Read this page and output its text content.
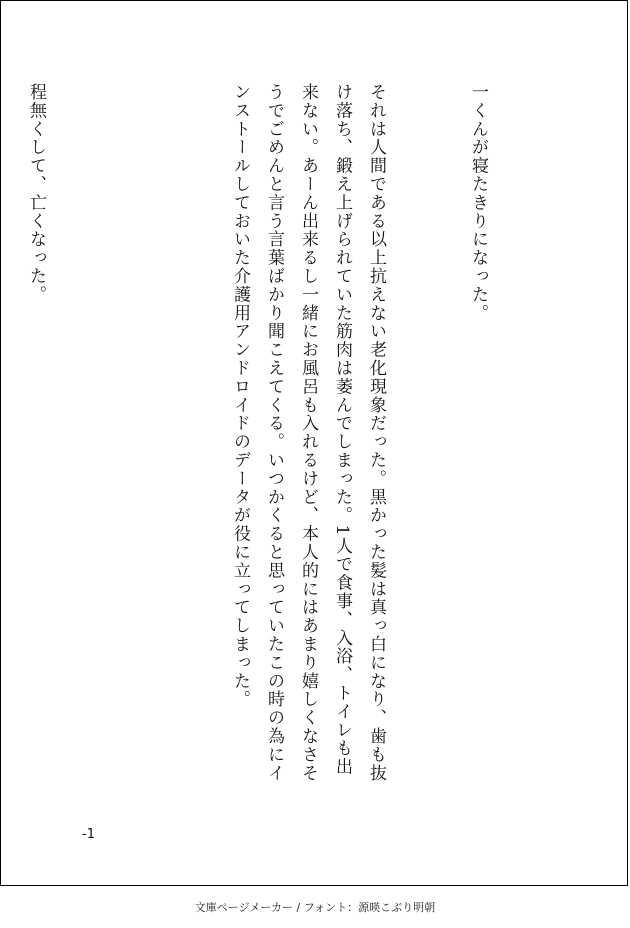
一くんが寝たきりになった。

それは人間である以上抗えない老化現象だった。黒かった髪は真っ白になり、歯も抜け落ち、鍛え上げられていた筋肉は萎んでしまった。1人で食事、入浴、トイレも出来ない。あーん出来るし一緒にお風呂も入れるけど、本人的にはあまり嬉しくなさそうでごめんと言う言葉ばかり聞こえてくる。いつかくると思っていたこの時の為にインストールしておいた介護用アンドロイドのデータが役に立ってしまった。

程無くして、亡くなった。

-1
文庫ページメーカー / フォント：源暎こぶり明朝
